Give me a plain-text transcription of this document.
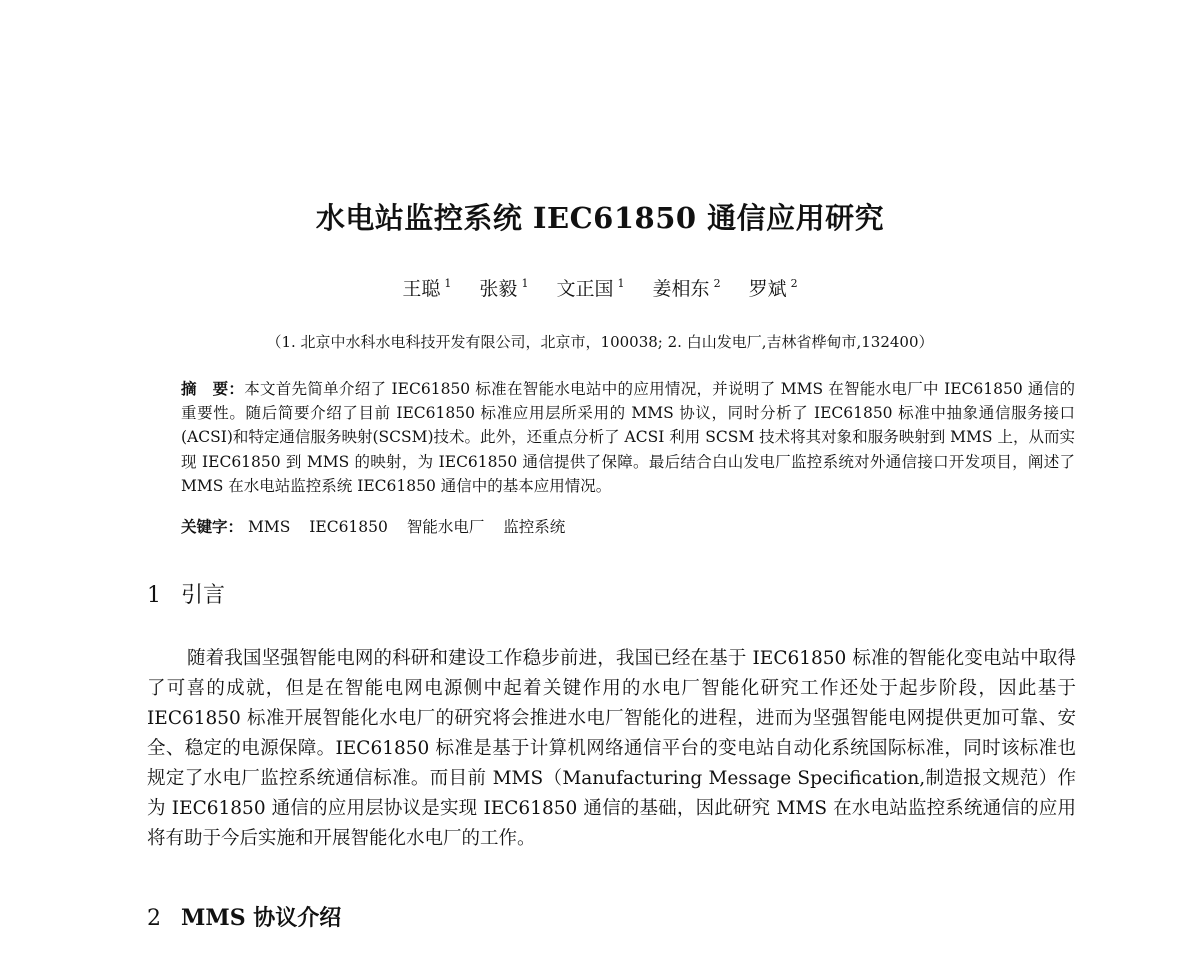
水电站监控系统 IEC61850 通信应用研究
王聪 $^1$ 张毅 $^1$ 文正国 $^1$ 姜相东 $^2$ 罗斌 $^2$
（1. 北京中水科水电科技开发有限公司，北京市，100038; 2. 白山发电厂,吉林省桦甸市,132400）
摘　要：本文首先简单介绍了 IEC61850 标准在智能水电站中的应用情况，并说明了 MMS 在智能水电厂中 IEC61850 通信的重要性。随后简要介绍了目前 IEC61850 标准应用层所采用的 MMS 协议，同时分析了 IEC61850 标准中抽象通信服务接口(ACSI)和特定通信服务映射(SCSM)技术。此外，还重点分析了 ACSI 利用 SCSM 技术将其对象和服务映射到 MMS 上，从而实现 IEC61850 到 MMS 的映射，为 IEC61850 通信提供了保障。最后结合白山发电厂监控系统对外通信接口开发项目，阐述了 MMS 在水电站监控系统 IEC61850 通信中的基本应用情况。
关键字： MMS IEC61850 智能水电厂 监控系统
1 引言

随着我国坚强智能电网的科研和建设工作稳步前进，我国已经在基于 IEC61850 标准的智能化变电站中取得了可喜的成就，但是在智能电网电源侧中起着关键作用的水电厂智能化研究工作还处于起步阶段，因此基于 IEC61850 标准开展智能化水电厂的研究将会推进水电厂智能化的进程，进而为坚强智能电网提供更加可靠、安全、稳定的电源保障。IEC61850 标准是基于计算机网络通信平台的变电站自动化系统国际标准，同时该标准也规定了水电厂监控系统通信标准。而目前 MMS（Manufacturing Message Specification,制造报文规范）作为 IEC61850 通信的应用层协议是实现 IEC61850 通信的基础，因此研究 MMS 在水电站监控系统通信的应用将有助于今后实施和开展智能化水电厂的工作。

2 MMS 协议介绍
